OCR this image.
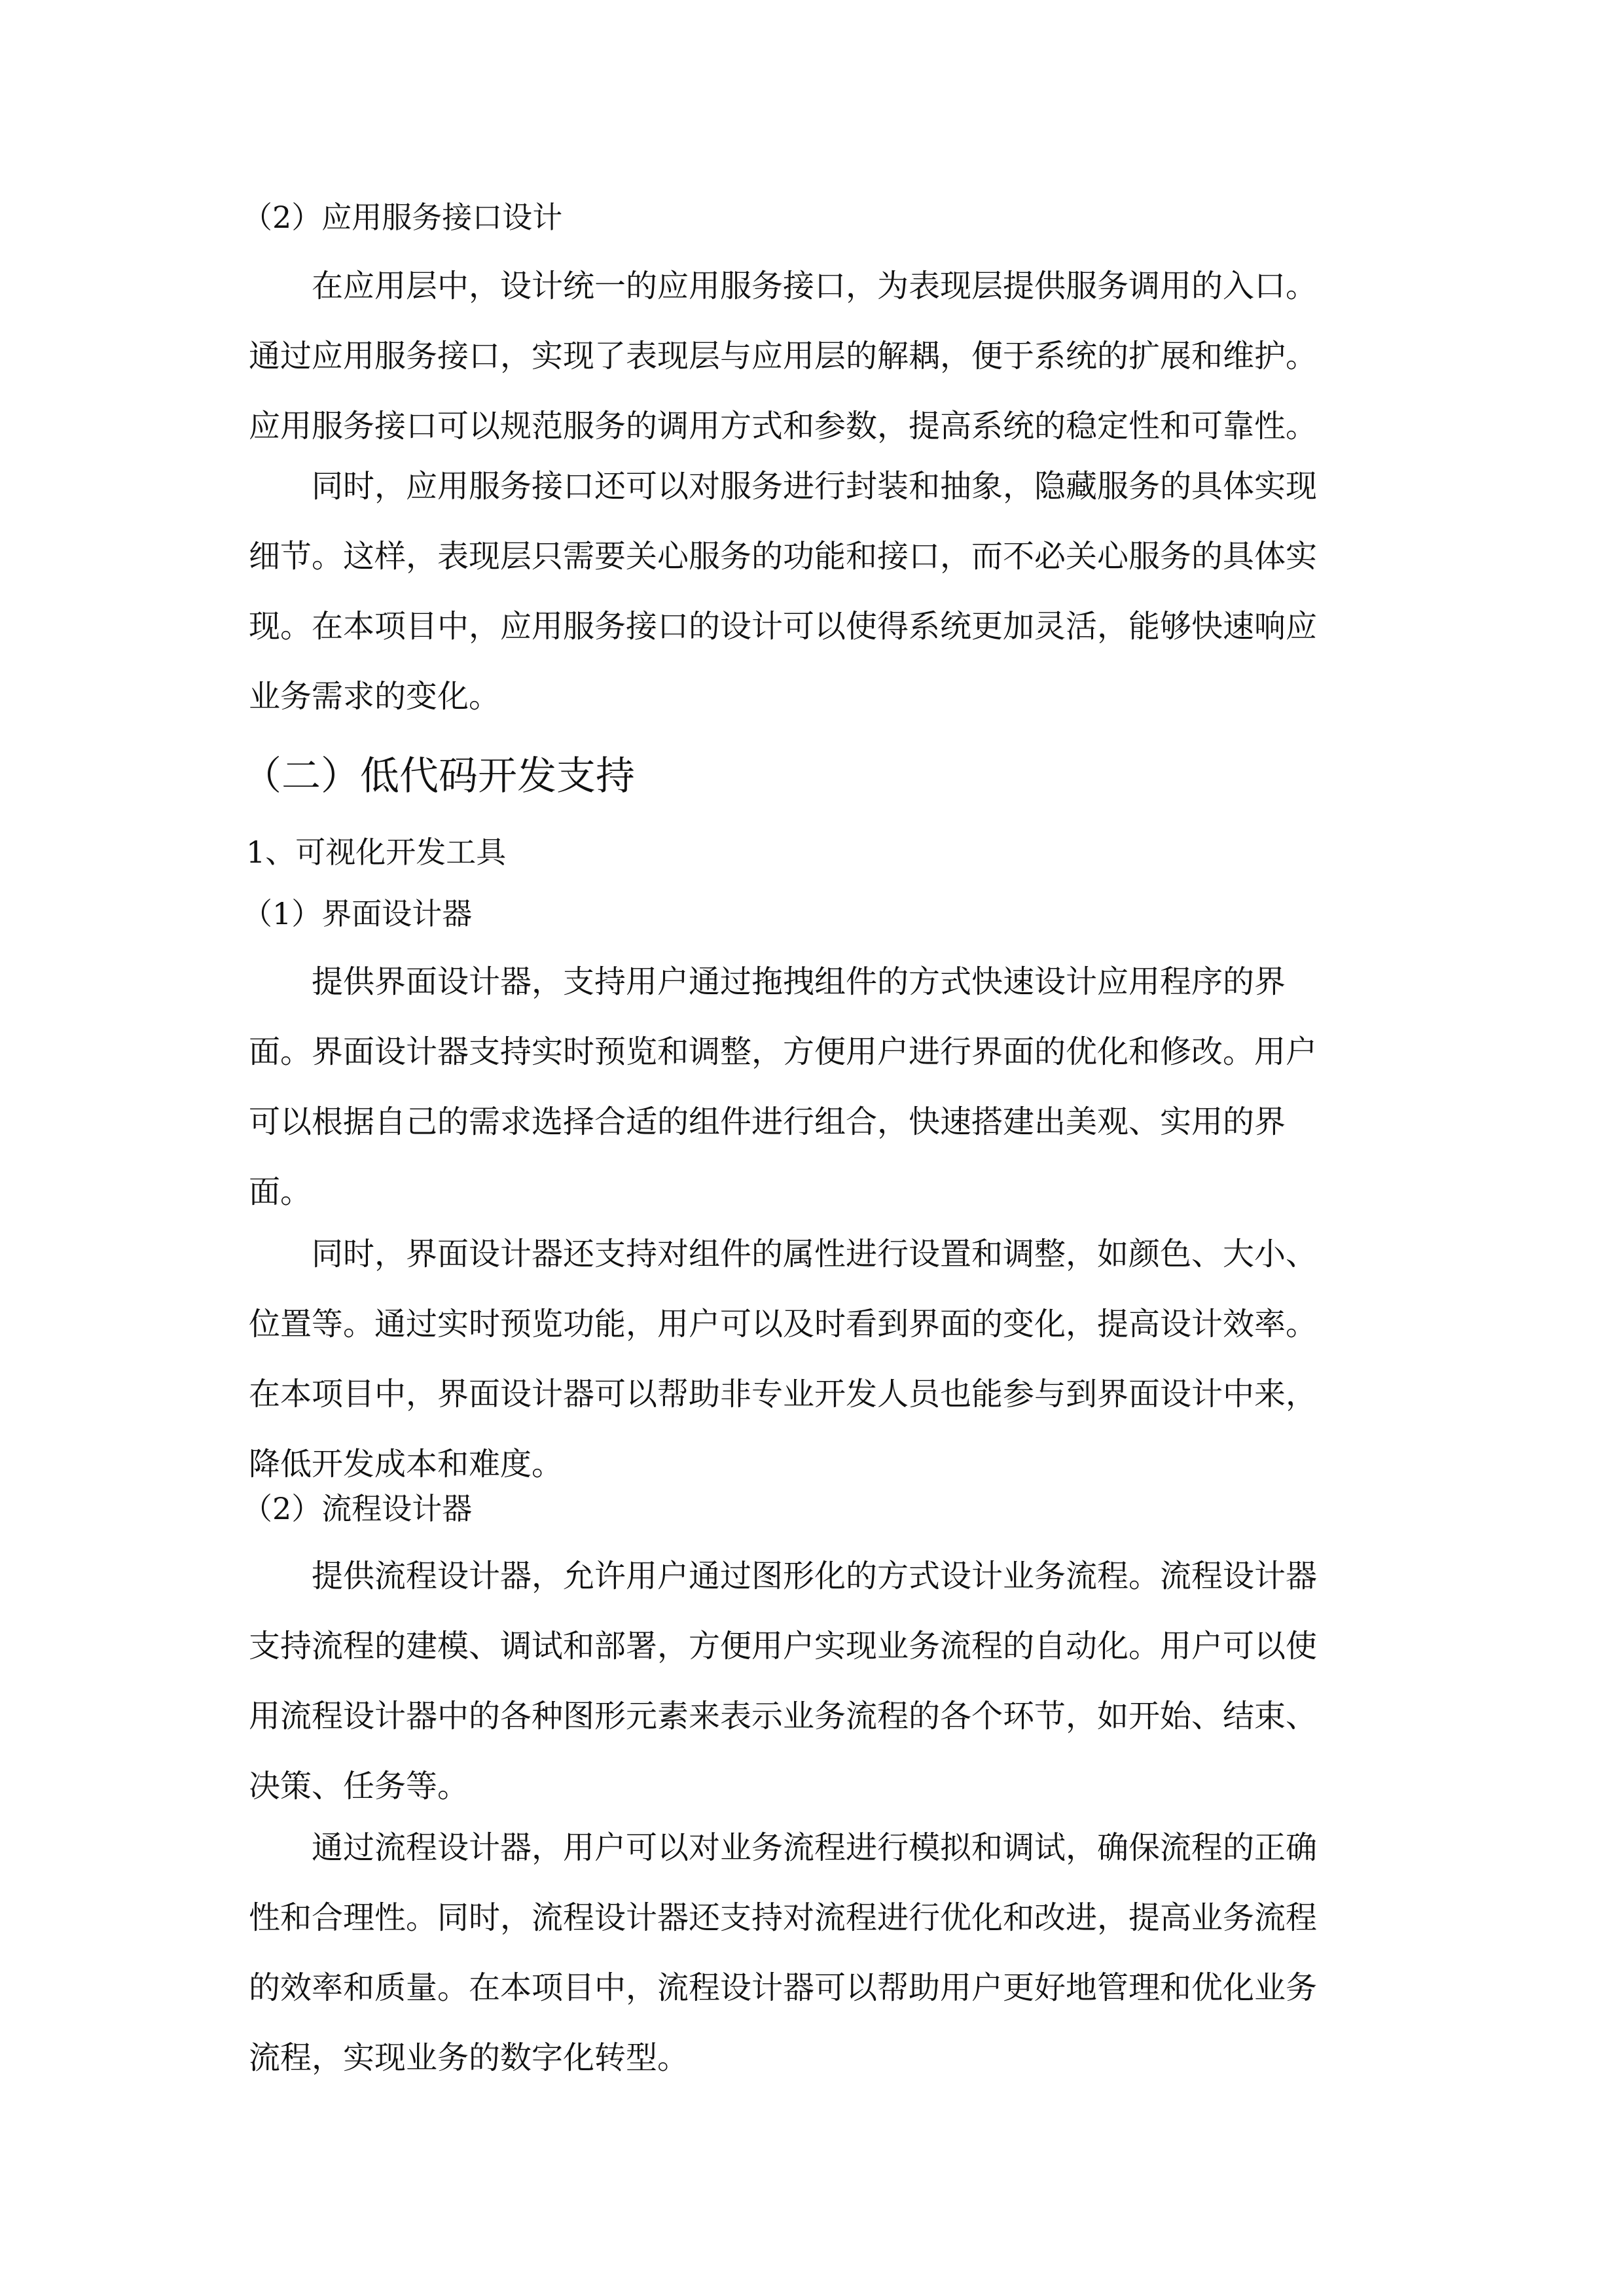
（2）应用服务接口设计
　　在应用层中，设计统一的应用服务接口，为表现层提供服务调用的入口。
通过应用服务接口，实现了表现层与应用层的解耦，便于系统的扩展和维护。
应用服务接口可以规范服务的调用方式和参数，提高系统的稳定性和可靠性。
　　同时，应用服务接口还可以对服务进行封装和抽象，隐藏服务的具体实现
细节。这样，表现层只需要关心服务的功能和接口，而不必关心服务的具体实
现。在本项目中，应用服务接口的设计可以使得系统更加灵活，能够快速响应
业务需求的变化。
（二）低代码开发支持
1、可视化开发工具
（1）界面设计器
　　提供界面设计器，支持用户通过拖拽组件的方式快速设计应用程序的界
面。界面设计器支持实时预览和调整，方便用户进行界面的优化和修改。用户
可以根据自己的需求选择合适的组件进行组合，快速搭建出美观、实用的界
面。
　　同时，界面设计器还支持对组件的属性进行设置和调整，如颜色、大小、
位置等。通过实时预览功能，用户可以及时看到界面的变化，提高设计效率。
在本项目中，界面设计器可以帮助非专业开发人员也能参与到界面设计中来，
降低开发成本和难度。
（2）流程设计器
　　提供流程设计器，允许用户通过图形化的方式设计业务流程。流程设计器
支持流程的建模、调试和部署，方便用户实现业务流程的自动化。用户可以使
用流程设计器中的各种图形元素来表示业务流程的各个环节，如开始、结束、
决策、任务等。
　　通过流程设计器，用户可以对业务流程进行模拟和调试，确保流程的正确
性和合理性。同时，流程设计器还支持对流程进行优化和改进，提高业务流程
的效率和质量。在本项目中，流程设计器可以帮助用户更好地管理和优化业务
流程，实现业务的数字化转型。
